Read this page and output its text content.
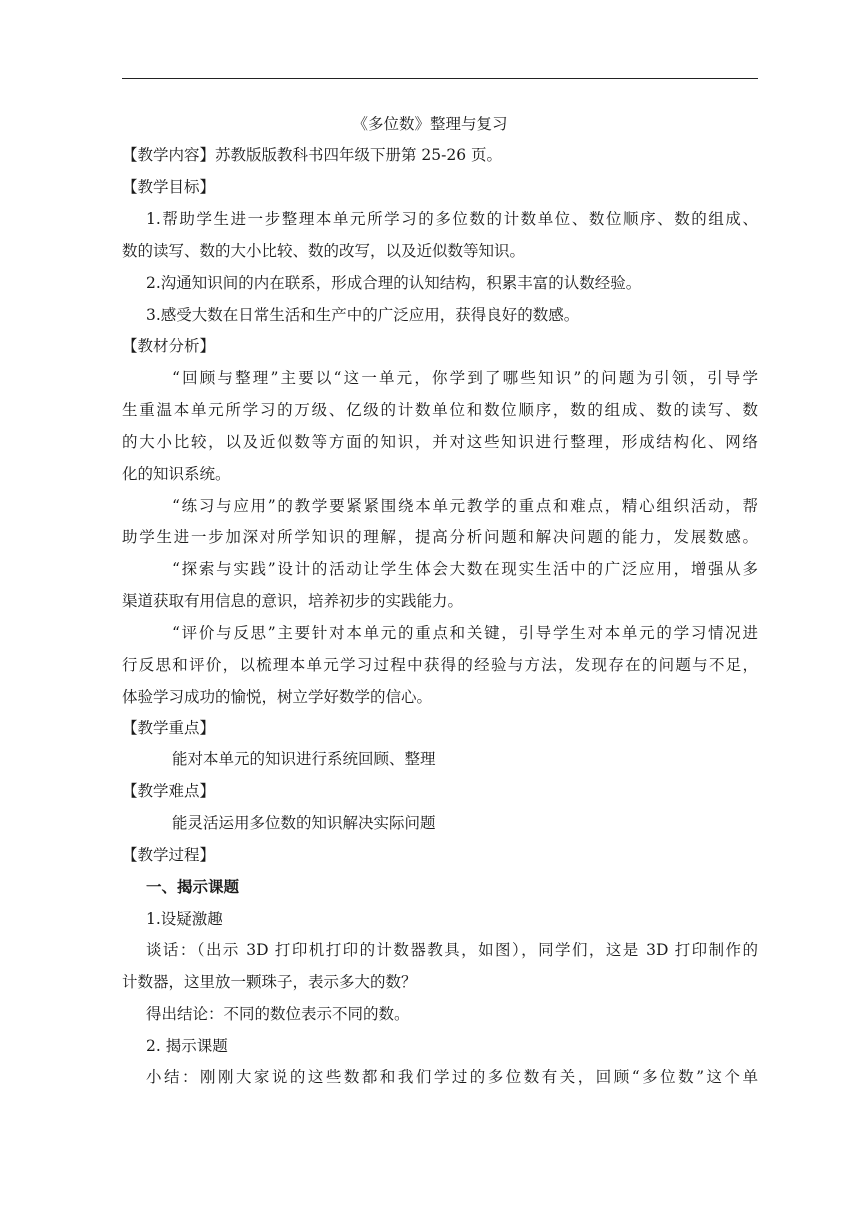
《多位数》整理与复习
【教学内容】苏教版版教科书四年级下册第 25-26 页。
【教学目标】
1.帮助学生进一步整理本单元所学习的多位数的计数单位、数位顺序、数的组成、
数的读写、数的大小比较、数的改写，以及近似数等知识。
2.沟通知识间的内在联系，形成合理的认知结构，积累丰富的认数经验。
3.感受大数在日常生活和生产中的广泛应用，获得良好的数感。
【教材分析】
“回顾与整理”主要以“这一单元，你学到了哪些知识”的问题为引领，引导学
生重温本单元所学习的万级、亿级的计数单位和数位顺序，数的组成、数的读写、数
的大小比较，以及近似数等方面的知识，并对这些知识进行整理，形成结构化、网络
化的知识系统。
“练习与应用”的教学要紧紧围绕本单元教学的重点和难点，精心组织活动，帮
助学生进一步加深对所学知识的理解，提高分析问题和解决问题的能力，发展数感。
“探索与实践”设计的活动让学生体会大数在现实生活中的广泛应用，增强从多
渠道获取有用信息的意识，培养初步的实践能力。
“评价与反思”主要针对本单元的重点和关键，引导学生对本单元的学习情况进
行反思和评价，以梳理本单元学习过程中获得的经验与方法，发现存在的问题与不足，
体验学习成功的愉悦，树立学好数学的信心。
【教学重点】
能对本单元的知识进行系统回顾、整理
【教学难点】
能灵活运用多位数的知识解决实际问题
【教学过程】
一、揭示课题
1.设疑激趣
谈话：（出示 3D 打印机打印的计数器教具，如图），同学们，这是 3D 打印制作的
计数器，这里放一颗珠子，表示多大的数？
得出结论：不同的数位表示不同的数。
2. 揭示课题
小结：刚刚大家说的这些数都和我们学过的多位数有关，回顾“多位数”这个单
